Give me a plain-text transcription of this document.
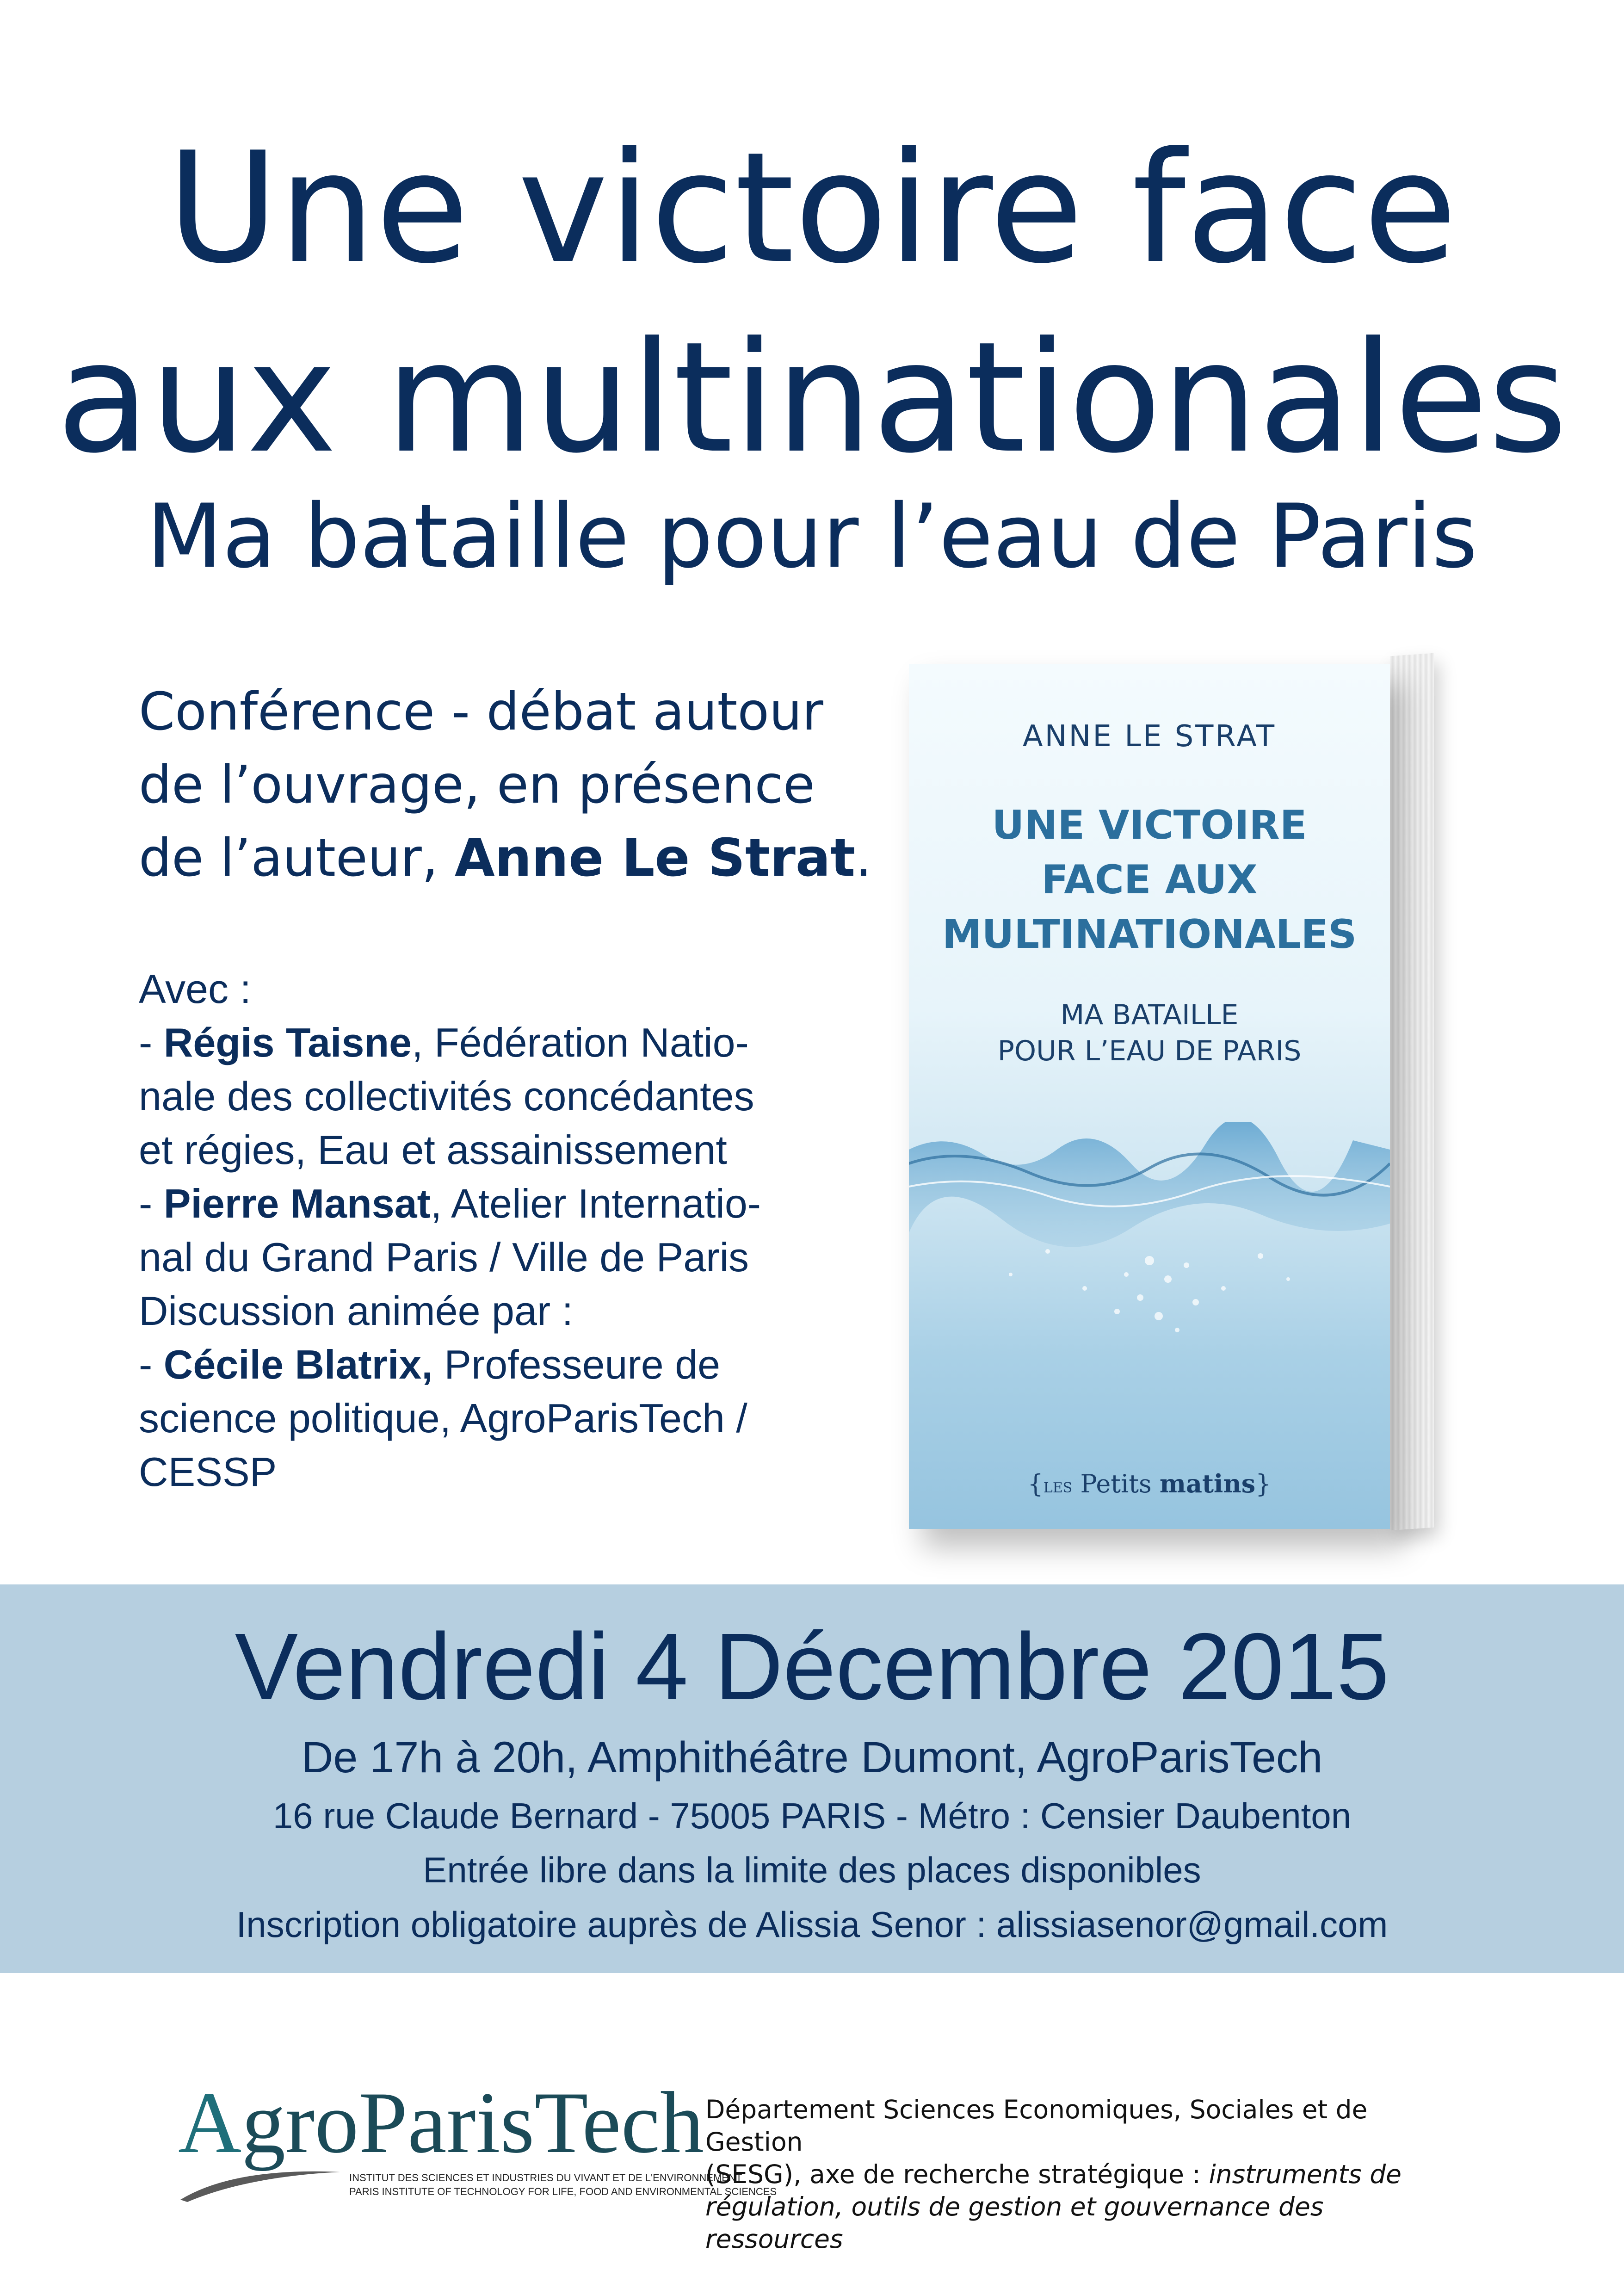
Une victoire face
aux multinationales
Ma bataille pour l’eau de Paris
Conférence - débat autour
de l’ouvrage, en présence
de l’auteur, Anne Le Strat.
Avec :
- Régis Taisne, Fédération Natio-
nale des collectivités concédantes
et régies, Eau et assainissement
- Pierre Mansat, Atelier Internatio-
nal du Grand Paris / Ville de Paris
Discussion animée par :
- Cécile Blatrix, Professeure de
science politique, AgroParisTech /
CESSP
ANNE LE STRAT
UNE VICTOIRE
FACE AUX
MULTINATIONALES
MA BATAILLE
POUR L’EAU DE PARIS
{LES Petits matins}
Vendredi 4 Décembre 2015
De 17h à 20h, Amphithéâtre Dumont, AgroParisTech
16 rue Claude Bernard - 75005 PARIS - Métro : Censier Daubenton
Entrée libre dans la limite des places disponibles
Inscription obligatoire auprès de Alissia Senor : alissiasenor@gmail.com
AgroParisTech
INSTITUT DES SCIENCES ET INDUSTRIES DU VIVANT ET DE L'ENVIRONNEMENT
PARIS INSTITUTE OF TECHNOLOGY FOR LIFE, FOOD AND ENVIRONMENTAL SCIENCES
Département Sciences Economiques, Sociales et de Gestion
(SESG), axe de recherche stratégique : instruments de
régulation, outils de gestion et gouvernance des ressources
